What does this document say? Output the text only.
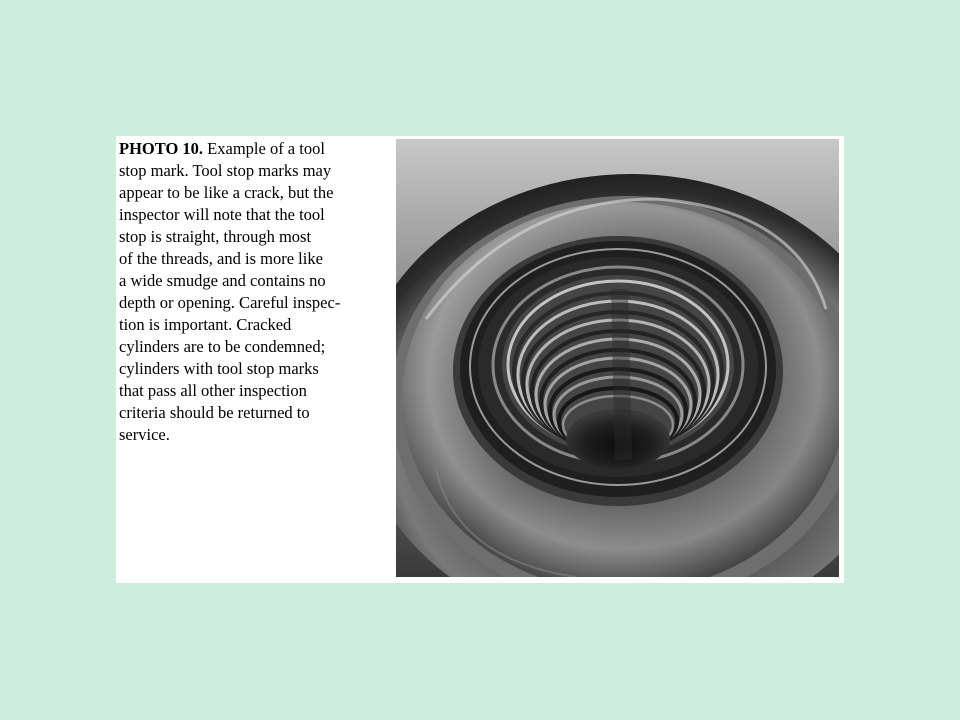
PHOTO 10. Example of a tool
stop mark. Tool stop marks may
appear to be like a crack, but the
inspector will note that the tool
stop is straight, through most
of the threads, and is more like
a wide smudge and contains no
depth or opening. Careful inspec-
tion is important. Cracked
cylinders are to be condemned;
cylinders with tool stop marks
that pass all other inspection
criteria should be returned to
service.
